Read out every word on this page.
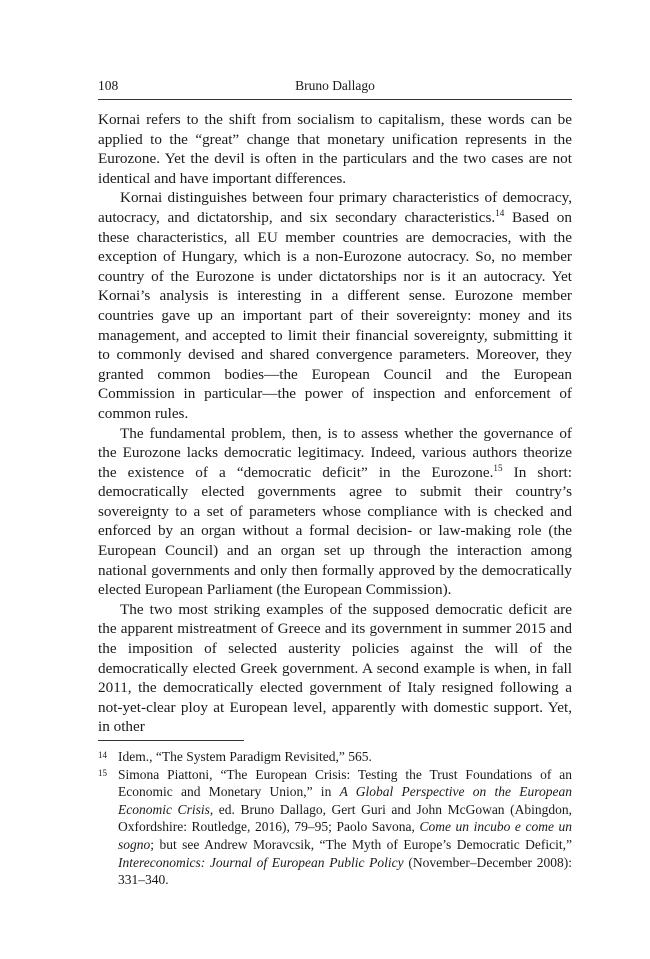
108	Bruno Dallago

Kornai refers to the shift from socialism to capitalism, these words can be applied to the “great” change that monetary unification represents in the Eurozone. Yet the devil is often in the particulars and the two cases are not identical and have important differences.

Kornai distinguishes between four primary characteristics of democracy, autocracy, and dictatorship, and six secondary characteristics.$^{14}$ Based on these characteristics, all EU member countries are democracies, with the exception of Hungary, which is a non-Eurozone autocracy. So, no member country of the Eurozone is under dictatorships nor is it an autocracy. Yet Kornai’s analysis is interesting in a different sense. Eurozone member countries gave up an important part of their sovereignty: money and its management, and accepted to limit their financial sovereignty, submitting it to commonly devised and shared convergence parameters. Moreover, they granted common bodies—the European Council and the European Commission in particular—the power of inspection and enforcement of common rules.

The fundamental problem, then, is to assess whether the governance of the Eurozone lacks democratic legitimacy. Indeed, various authors theorize the existence of a “democratic deficit” in the Eurozone.$^{15}$ In short: democratically elected governments agree to submit their country’s sovereignty to a set of parameters whose compliance with is checked and enforced by an organ without a formal decision- or law-making role (the European Council) and an organ set up through the interaction among national governments and only then formally approved by the democratically elected European Parliament (the European Commission).

The two most striking examples of the supposed democratic deficit are the apparent mistreatment of Greece and its government in summer 2015 and the imposition of selected austerity policies against the will of the democratically elected Greek government. A second example is when, in fall 2011, the democratically elected government of Italy resigned following a not-yet-clear ploy at European level, apparently with domestic support. Yet, in other

14 Idem., “The System Paradigm Revisited,” 565.
15 Simona Piattoni, “The European Crisis: Testing the Trust Foundations of an Economic and Monetary Union,” in A Global Perspective on the European Economic Crisis, ed. Bruno Dallago, Gert Guri and John McGowan (Abingdon, Oxfordshire: Routledge, 2016), 79–95; Paolo Savona, Come un incubo e come un sogno; but see Andrew Moravcsik, “The Myth of Europe’s Democratic Deficit,” Intereconomics: Journal of European Public Policy (November–December 2008): 331–340.
